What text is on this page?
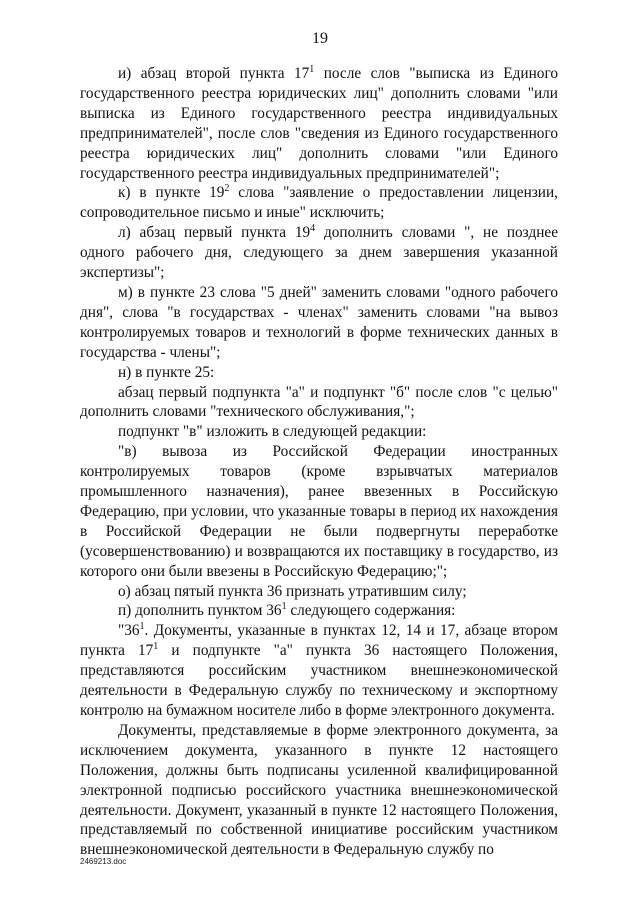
19

и) абзац второй пункта $17^1$ после слов "выписка из Единого государственного реестра юридических лиц" дополнить словами "или выписка из Единого государственного реестра индивидуальных предпринимателей", после слов "сведения из Единого государственного реестра юридических лиц" дополнить словами "или Единого государственного реестра индивидуальных предпринимателей";

к) в пункте $19^2$ слова "заявление о предоставлении лицензии, сопроводительное письмо и иные" исключить;

л) абзац первый пункта $19^4$ дополнить словами ", не позднее одного рабочего дня, следующего за днем завершения указанной экспертизы";

м) в пункте 23 слова "5 дней" заменить словами "одного рабочего дня", слова "в государствах - членах" заменить словами "на вывоз контролируемых товаров и технологий в форме технических данных в государства - члены";

н) в пункте 25:

абзац первый подпункта "а" и подпункт "б" после слов "с целью" дополнить словами "технического обслуживания,";

подпункт "в" изложить в следующей редакции:

"в) вывоза из Российской Федерации иностранных контролируемых товаров (кроме взрывчатых материалов промышленного назначения), ранее ввезенных в Российскую Федерацию, при условии, что указанные товары в период их нахождения в Российской Федерации не были подвергнуты переработке (усовершенствованию) и возвращаются их поставщику в государство, из которого они были ввезены в Российскую Федерацию;";

о) абзац пятый пункта 36 признать утратившим силу;

п) дополнить пунктом $36^1$ следующего содержания:

"$36^1$. Документы, указанные в пунктах 12, 14 и 17, абзаце втором пункта $17^1$ и подпункте "а" пункта 36 настоящего Положения, представляются российским участником внешнеэкономической деятельности в Федеральную службу по техническому и экспортному контролю на бумажном носителе либо в форме электронного документа.

Документы, представляемые в форме электронного документа, за исключением документа, указанного в пункте 12 настоящего Положения, должны быть подписаны усиленной квалифицированной электронной подписью российского участника внешнеэкономической деятельности. Документ, указанный в пункте 12 настоящего Положения, представляемый по собственной инициативе российским участником внешнеэкономической деятельности в Федеральную службу по

2469213.doc
